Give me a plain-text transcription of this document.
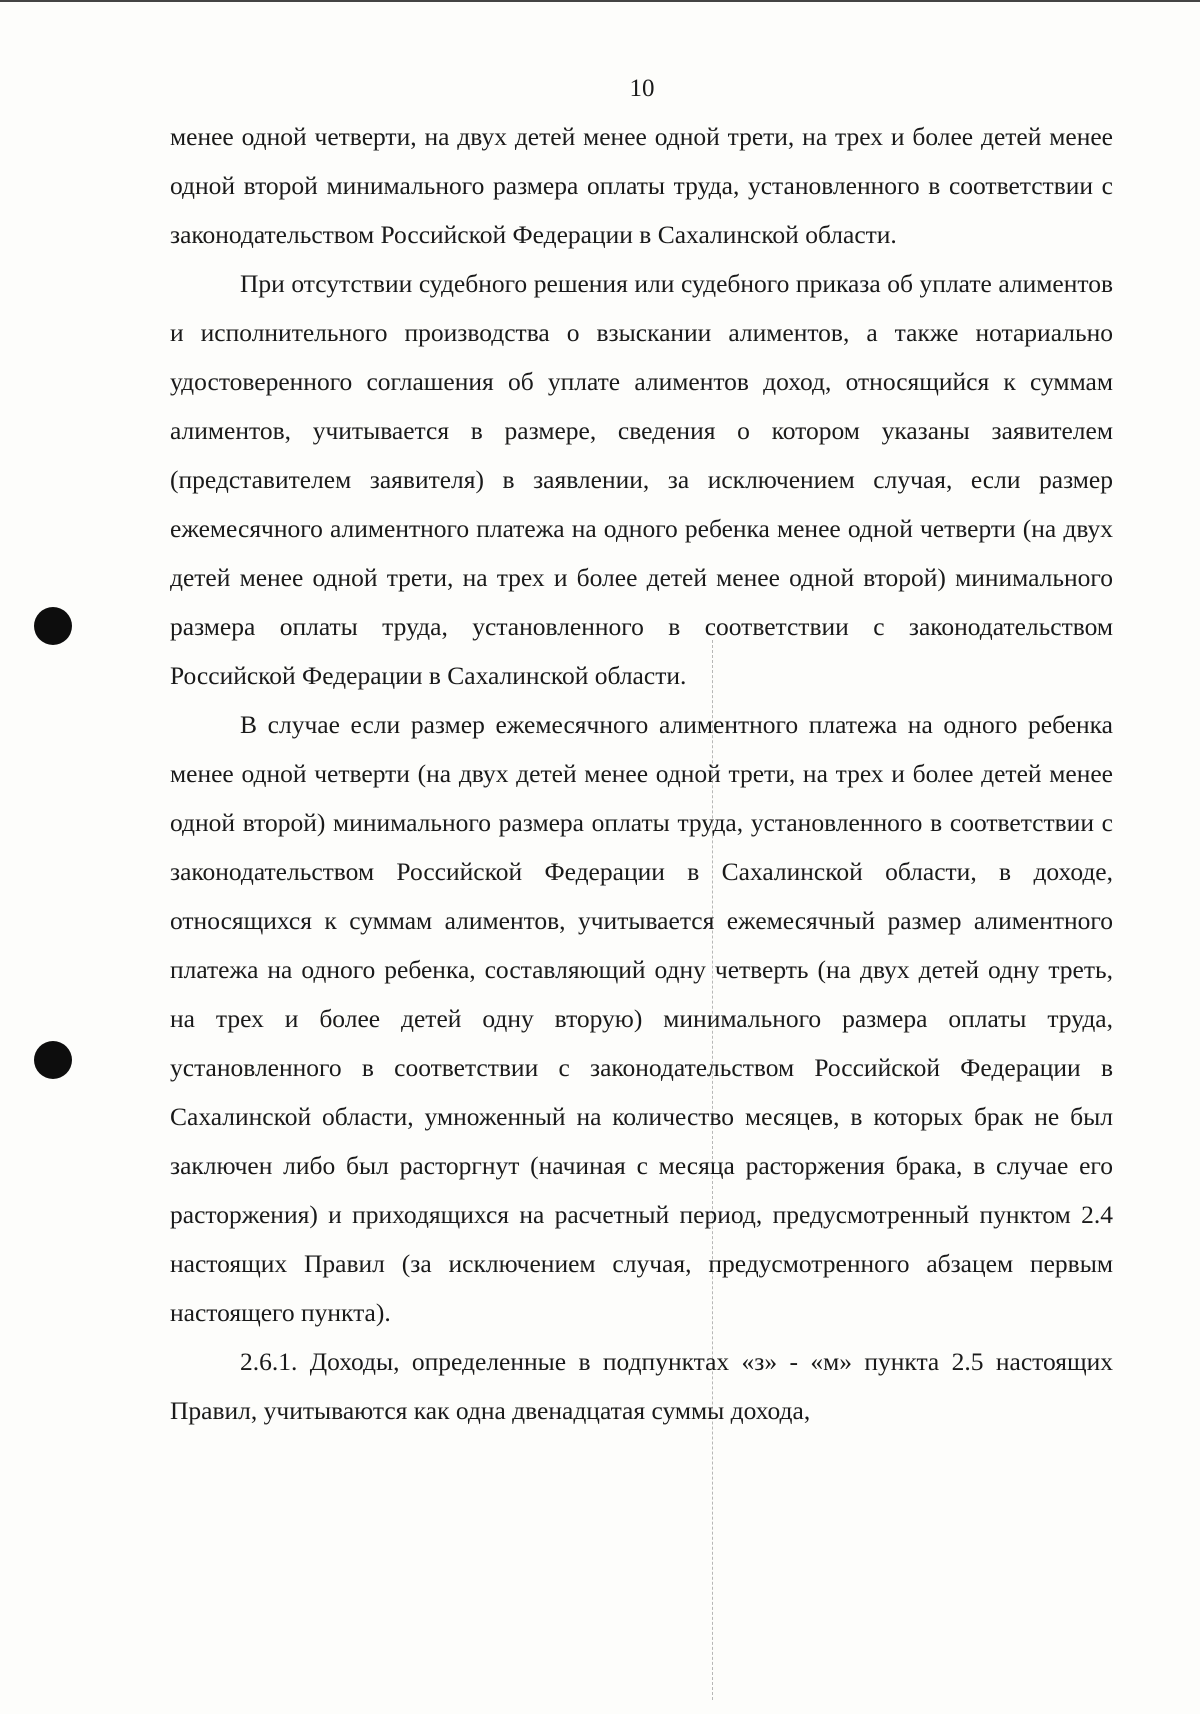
10

менее одной четверти, на двух детей менее одной трети, на трех и более детей менее одной второй минимального размера оплаты труда, установленного в соответствии с законодательством Российской Федерации в Сахалинской области.

При отсутствии судебного решения или судебного приказа об уплате алиментов и исполнительного производства о взыскании алиментов, а также нотариально удостоверенного соглашения об уплате алиментов доход, относящийся к суммам алиментов, учитывается в размере, сведения о котором указаны заявителем (представителем заявителя) в заявлении, за исключением случая, если размер ежемесячного алиментного платежа на одного ребенка менее одной четверти (на двух детей менее одной трети, на трех и более детей менее одной второй) минимального размера оплаты труда, установленного в соответствии с законодательством Российской Федерации в Сахалинской области.

В случае если размер ежемесячного алиментного платежа на одного ребенка менее одной четверти (на двух детей менее одной трети, на трех и более детей менее одной второй) минимального размера оплаты труда, установленного в соответствии с законодательством Российской Федерации в Сахалинской области, в доходе, относящихся к суммам алиментов, учитывается ежемесячный размер алиментного платежа на одного ребенка, составляющий одну четверть (на двух детей одну треть, на трех и более детей одну вторую) минимального размера оплаты труда, установленного в соответствии с законодательством Российской Федерации в Сахалинской области, умноженный на количество месяцев, в которых брак не был заключен либо был расторгнут (начиная с месяца расторжения брака, в случае его расторжения) и приходящихся на расчетный период, предусмотренный пунктом 2.4 настоящих Правил (за исключением случая, предусмотренного абзацем первым настоящего пункта).

2.6.1. Доходы, определенные в подпунктах «з» - «м» пункта 2.5 настоящих Правил, учитываются как одна двенадцатая суммы дохода,
